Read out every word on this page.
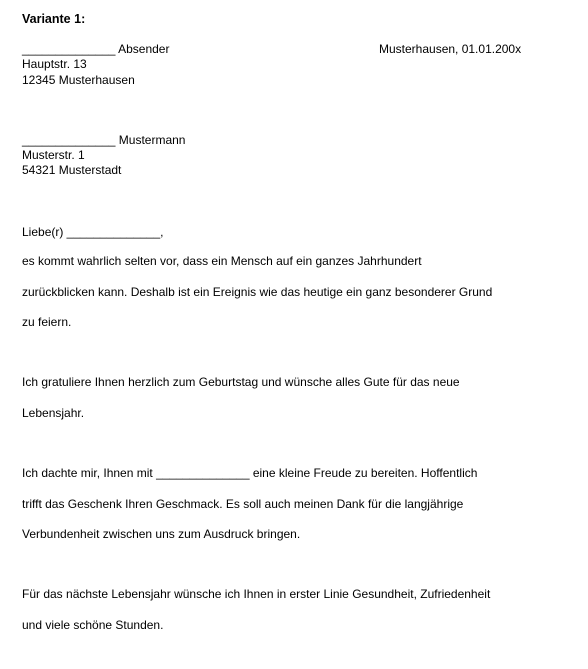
Variante 1:
______________ Absender
Hauptstr. 13
12345 Musterhausen
Musterhausen, 01.01.200x
______________ Mustermann
Musterstr. 1
54321 Musterstadt
Liebe(r) ______________,
es kommt wahrlich selten vor, dass ein Mensch auf ein ganzes Jahrhundert
zurückblicken kann. Deshalb ist ein Ereignis wie das heutige ein ganz besonderer Grund
zu feiern.
Ich gratuliere Ihnen herzlich zum Geburtstag und wünsche alles Gute für das neue
Lebensjahr.
Ich dachte mir, Ihnen mit ______________ eine kleine Freude zu bereiten. Hoffentlich
trifft das Geschenk Ihren Geschmack. Es soll auch meinen Dank für die langjährige
Verbundenheit zwischen uns zum Ausdruck bringen.
Für das nächste Lebensjahr wünsche ich Ihnen in erster Linie Gesundheit, Zufriedenheit
und viele schöne Stunden.
